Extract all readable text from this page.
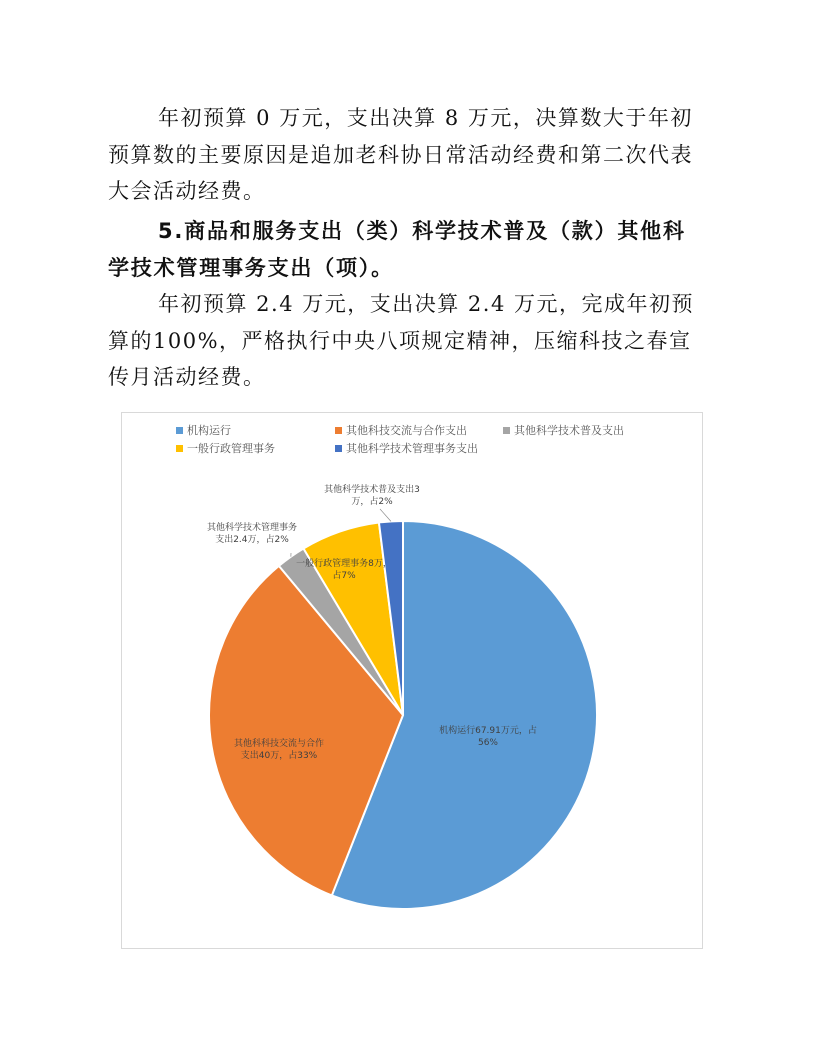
年初预算 0 万元，支出决算 8 万元，决算数大于年初预算数的主要原因是追加老科协日常活动经费和第二次代表大会活动经费。

5.商品和服务支出（类）科学技术普及（款）其他科学技术管理事务支出（项）。

年初预算 2.4 万元，支出决算 2.4 万元，完成年初预算的100%，严格执行中央八项规定精神，压缩科技之春宣传月活动经费。

机构运行	其他科技交流与合作支出	其他科学技术普及支出
一般行政管理事务	其他科学技术管理事务支出
机构运行67.91万元，占 56%
其他科科技交流与合作支出40万，占33%
其他科学技术管理事务支出2.4万，占2%
一般行政管理事务8万，占7%
其他科学技术普及支出3 万，占2%
